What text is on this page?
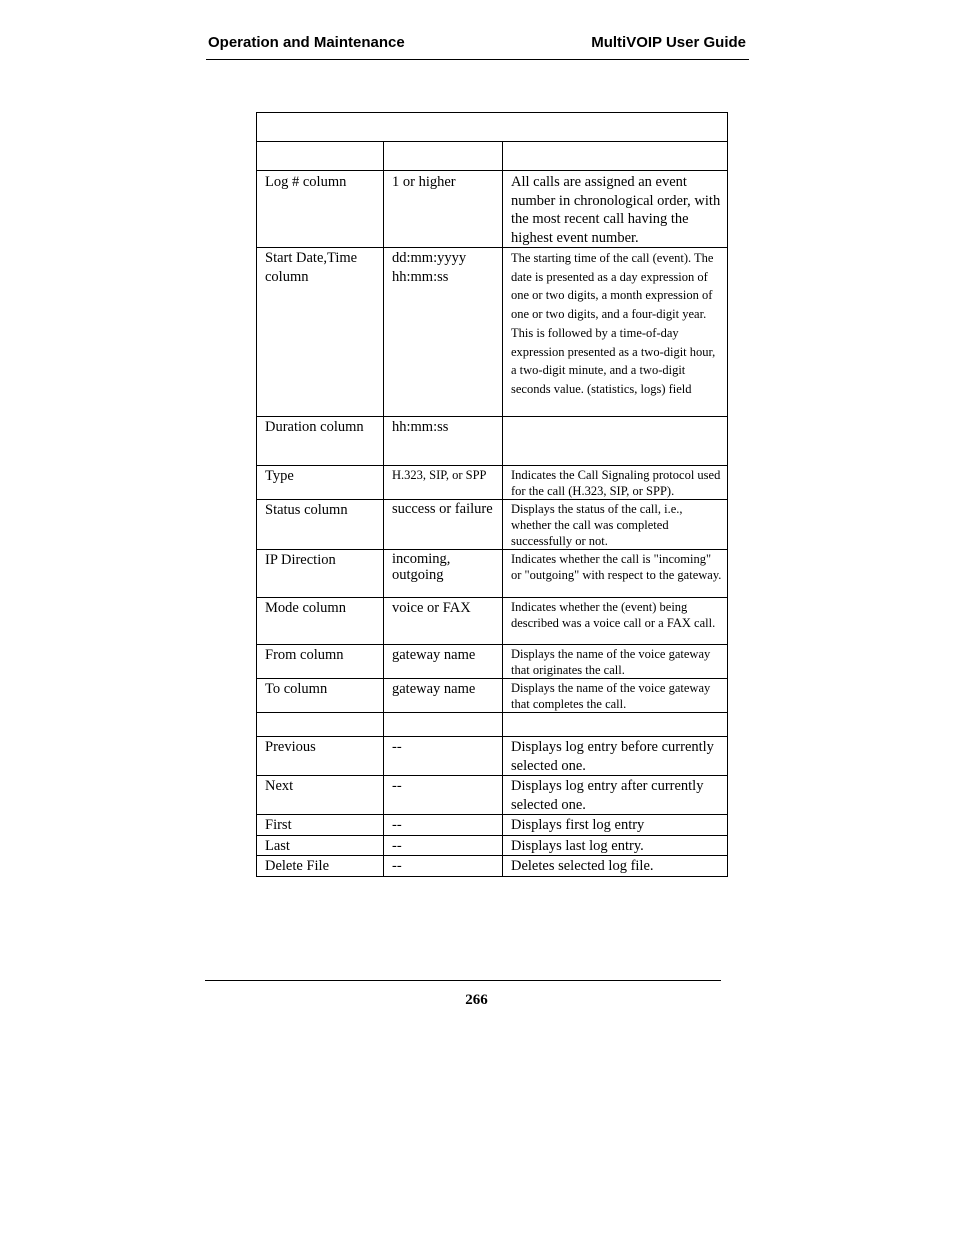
Operation and Maintenance	MultiVOIP User Guide

Log # column	1 or higher	All calls are assigned an event number in chronological order, with the most recent call having the highest event number.
Start Date,Time column	dd:mm:yyyy hh:mm:ss	The starting time of the call (event). The date is presented as a day expression of one or two digits, a month expression of one or two digits, and a four-digit year. This is followed by a time-of-day expression presented as a two-digit hour, a two-digit minute, and a two-digit seconds value. (statistics, logs) field
Duration column	hh:mm:ss	
Type	H.323, SIP, or SPP	Indicates the Call Signaling protocol used for the call (H.323, SIP, or SPP).
Status column	success or failure	Displays the status of the call, i.e., whether the call was completed successfully or not.
IP Direction	incoming, outgoing	Indicates whether the call is "incoming" or "outgoing" with respect to the gateway.
Mode column	voice or FAX	Indicates whether the (event) being described was a voice call or a FAX call.
From column	gateway name	Displays the name of the voice gateway that originates the call.
To column	gateway name	Displays the name of the voice gateway that completes the call.

Previous	--	Displays log entry before currently selected one.
Next	--	Displays log entry after currently selected one.
First	--	Displays first log entry
Last	--	Displays last log entry.
Delete File	--	Deletes selected log file.
266
